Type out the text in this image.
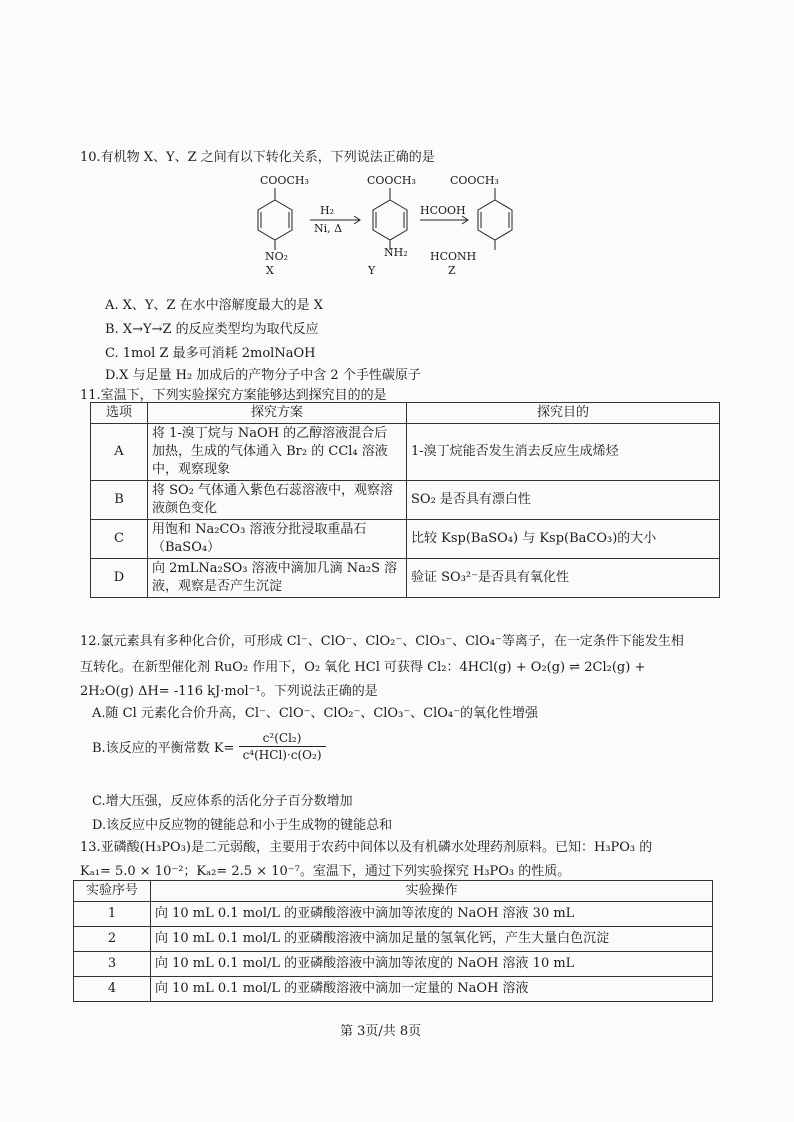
10.有机物 X、Y、Z 之间有以下转化关系，下列说法正确的是
COOCH₃
NO₂
X
H₂
Ni, Δ
COOCH₃
NH₂
Y
HCOOH
COOCH₃
HCONH
Z
A. X、Y、Z 在水中溶解度最大的是 X
B. X→Y→Z 的反应类型均为取代反应
C. 1mol Z 最多可消耗 2molNaOH
D.X 与足量 H₂ 加成后的产物分子中含 2 个手性碳原子
11.室温下，下列实验探究方案能够达到探究目的的是
选项	探究方案	探究目的
A	将 1-溴丁烷与 NaOH 的乙醇溶液混合后
加热，生成的气体通入 Br₂ 的 CCl₄ 溶液
中，观察现象	1-溴丁烷能否发生消去反应生成烯烃
B	将 SO₂ 气体通入紫色石蕊溶液中，观察溶
液颜色变化	SO₂ 是否具有漂白性
C	用饱和 Na₂CO₃ 溶液分批浸取重晶石
（BaSO₄）	比较 Ksp(BaSO₄) 与 Ksp(BaCO₃)的大小
D	向 2mLNa₂SO₃ 溶液中滴加几滴 Na₂S 溶
液，观察是否产生沉淀	验证 SO₃²⁻是否具有氧化性
12.氯元素具有多种化合价，可形成 Cl⁻、ClO⁻、ClO₂⁻、ClO₃⁻、ClO₄⁻等离子，在一定条件下能发生相
互转化。在新型催化剂 RuO₂ 作用下，O₂ 氧化 HCl 可获得 Cl₂：4HCl(g) + O₂(g) ⇌ 2Cl₂(g) +
2H₂O(g) ΔH= -116 kJ·mol⁻¹。下列说法正确的是
A.随 Cl 元素化合价升高，Cl⁻、ClO⁻、ClO₂⁻、ClO₃⁻、ClO₄⁻的氧化性增强
B.该反应的平衡常数 $K= \frac{\text{c²(Cl₂)}}{\text{c⁴(HCl)·c(O₂)}}$
C.增大压强，反应体系的活化分子百分数增加
D.该反应中反应物的键能总和小于生成物的键能总和
13.亚磷酸(H₃PO₃)是二元弱酸，主要用于农药中间体以及有机磷水处理药剂原料。已知：H₃PO₃ 的
Kₐ₁= 5.0 × 10⁻²；Kₐ₂= 2.5 × 10⁻⁷。室温下，通过下列实验探究 H₃PO₃ 的性质。
实验序号	实验操作
1	向 10 mL 0.1 mol/L 的亚磷酸溶液中滴加等浓度的 NaOH 溶液 30 mL
2	向 10 mL 0.1 mol/L 的亚磷酸溶液中滴加足量的氢氧化钙，产生大量白色沉淀
3	向 10 mL 0.1 mol/L 的亚磷酸溶液中滴加等浓度的 NaOH 溶液 10 mL
4	向 10 mL 0.1 mol/L 的亚磷酸溶液中滴加一定量的 NaOH 溶液
第 3页/共 8页
